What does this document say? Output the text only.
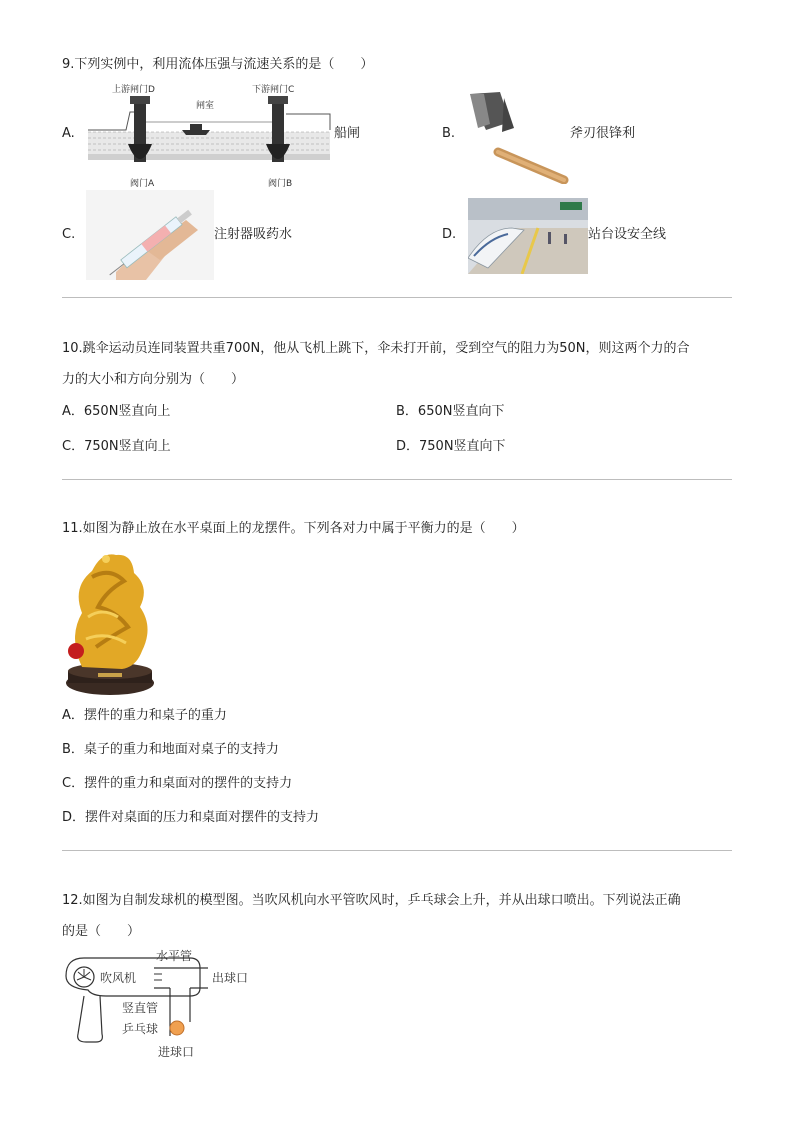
9.下列实例中，利用流体压强与流速关系的是（　　）
A.
上游闸门D	下游闸门C
闸室
阀门A	阀门B
船闸	B.	斧刃很锋利
C.	注射器吸药水	D.	站台设安全线
10.跳伞运动员连同装置共重700N，他从飞机上跳下，伞未打开前，受到空气的阻力为50N，则这两个力的合
力的大小和方向分别为（　　）
A．650N竖直向上	B．650N竖直向下
C．750N竖直向上	D．750N竖直向下
11.如图为静止放在水平桌面上的龙摆件。下列各对力中属于平衡力的是（　　）
A．摆件的重力和桌子的重力
B．桌子的重力和地面对桌子的支持力
C．摆件的重力和桌面对的摆件的支持力
D．摆件对桌面的压力和桌面对摆件的支持力
12.如图为自制发球机的模型图。当吹风机向水平管吹风时，乒乓球会上升，并从出球口喷出。下列说法正确
的是（　　）
水平管
吹风机	出球口
竖直管
乒乓球
进球口
